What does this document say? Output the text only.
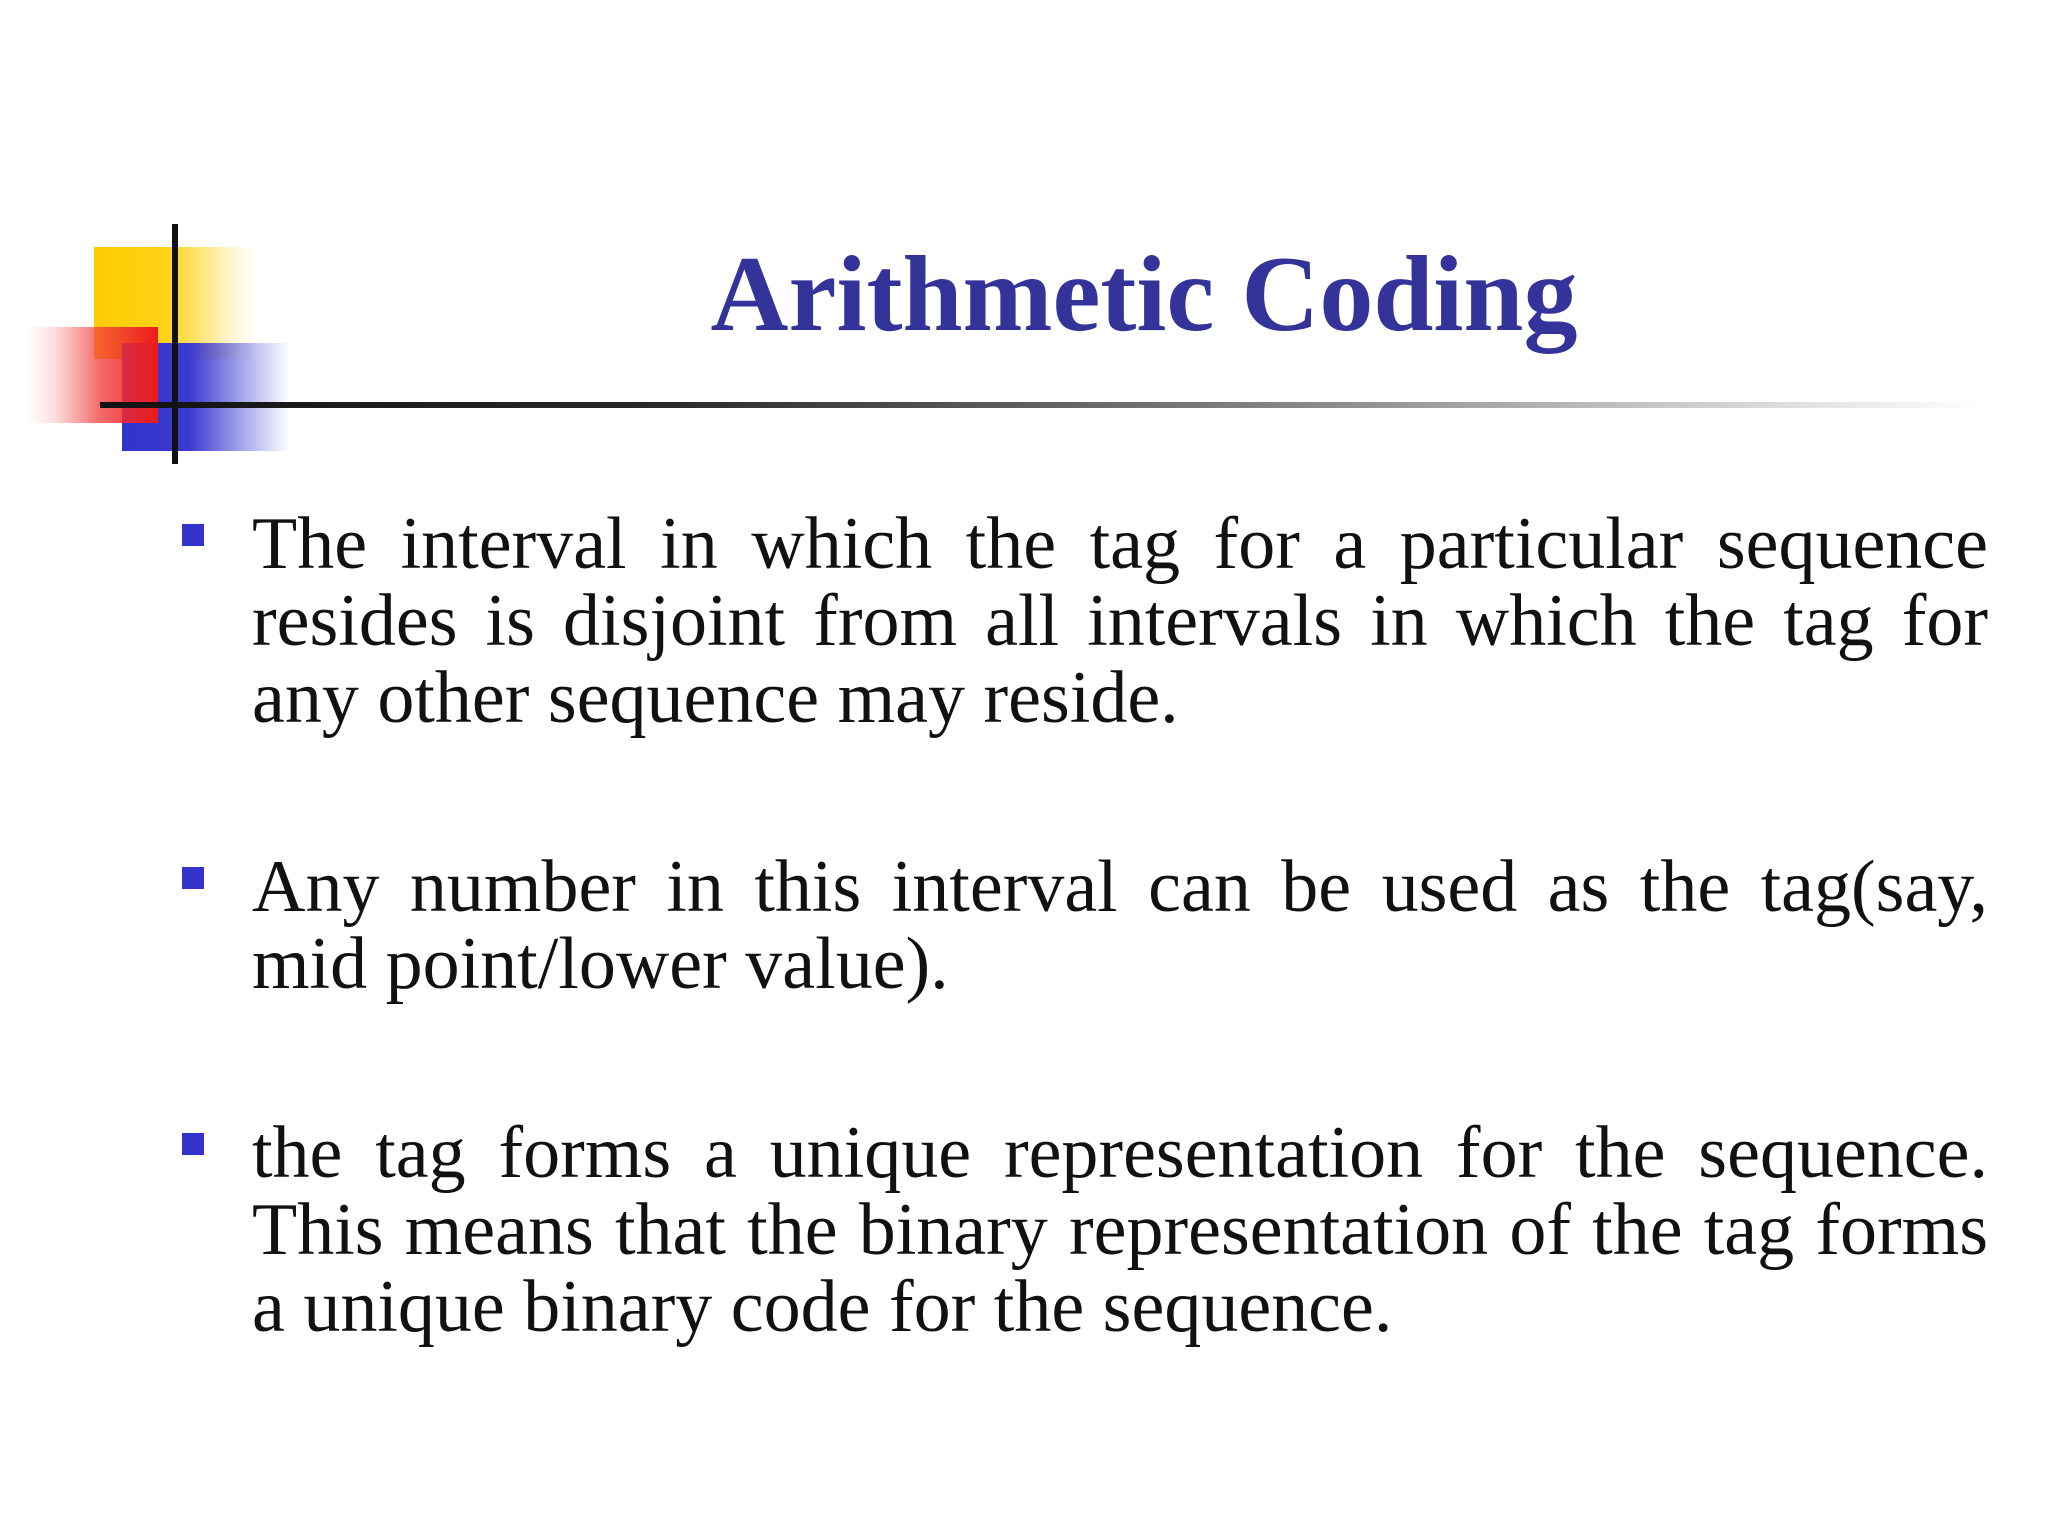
Arithmetic Coding

The interval in which the tag for a particular sequence resides is disjoint from all intervals in which the tag for any other sequence may reside.

Any number in this interval can be used as the tag(say, mid point/lower value).

the tag forms a unique representation for the sequence. This means that the binary representation of the tag forms a unique binary code for the sequence.
